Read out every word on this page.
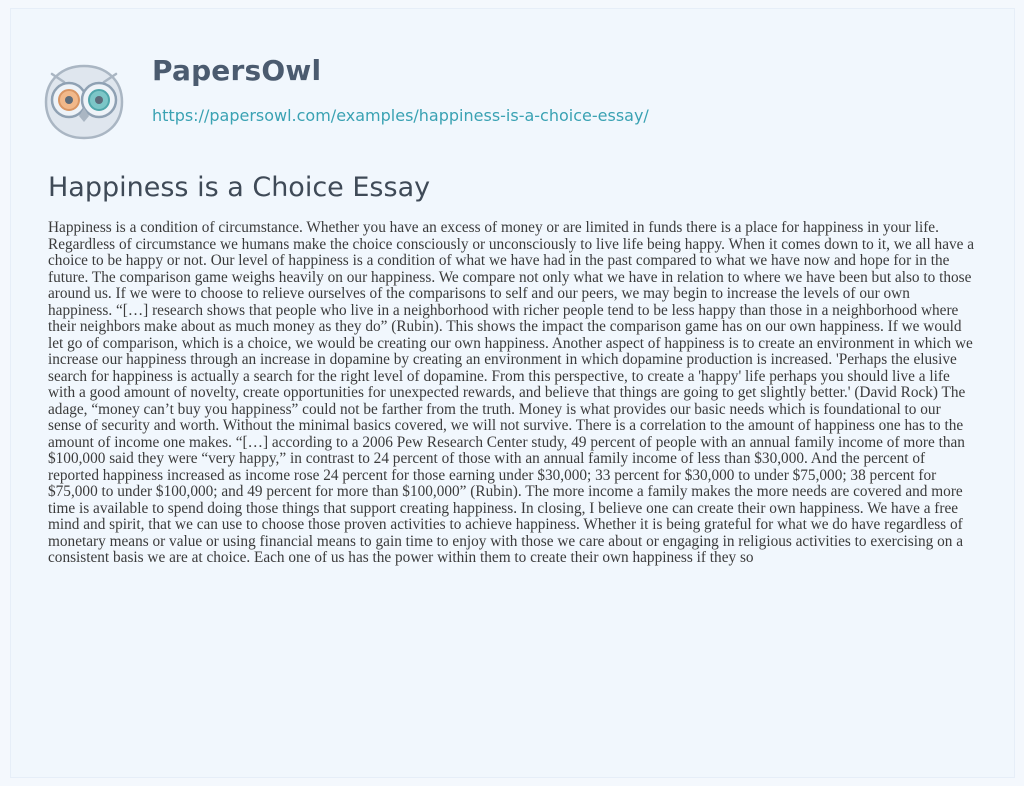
PapersOwl
https://papersowl.com/examples/happiness-is-a-choice-essay/
Happiness is a Choice Essay

Happiness is a condition of circumstance. Whether you have an excess of money or are limited in funds there is a place for happiness in your life. Regardless of circumstance we humans make the choice consciously or unconsciously to live life being happy. When it comes down to it, we all have a choice to be happy or not. Our level of happiness is a condition of what we have had in the past compared to what we have now and hope for in the future. The comparison game weighs heavily on our happiness. We compare not only what we have in relation to where we have been but also to those around us. If we were to choose to relieve ourselves of the comparisons to self and our peers, we may begin to increase the levels of our own happiness. “[…] research shows that people who live in a neighborhood with richer people tend to be less happy than those in a neighborhood where their neighbors make about as much money as they do” (Rubin). This shows the impact the comparison game has on our own happiness. If we would let go of comparison, which is a choice, we would be creating our own happiness. Another aspect of happiness is to create an environment in which we increase our happiness through an increase in dopamine by creating an environment in which dopamine production is increased. 'Perhaps the elusive search for happiness is actually a search for the right level of dopamine. From this perspective, to create a 'happy' life perhaps you should live a life with a good amount of novelty, create opportunities for unexpected rewards, and believe that things are going to get slightly better.' (David Rock) The adage, “money can’t buy you happiness” could not be farther from the truth. Money is what provides our basic needs which is foundational to our sense of security and worth. Without the minimal basics covered, we will not survive. There is a correlation to the amount of happiness one has to the amount of income one makes. “[…] according to a 2006 Pew Research Center study, 49 percent of people with an annual family income of more than $100,000 said they were “very happy,” in contrast to 24 percent of those with an annual family income of less than $30,000. And the percent of reported happiness increased as income rose 24 percent for those earning under $30,000; 33 percent for $30,000 to under $75,000; 38 percent for $75,000 to under $100,000; and 49 percent for more than $100,000” (Rubin). The more income a family makes the more needs are covered and more time is available to spend doing those things that support creating happiness. In closing, I believe one can create their own happiness. We have a free mind and spirit, that we can use to choose those proven activities to achieve happiness. Whether it is being grateful for what we do have regardless of monetary means or value or using financial means to gain time to enjoy with those we care about or engaging in religious activities to exercising on a consistent basis we are at choice. Each one of us has the power within them to create their own happiness if they so
